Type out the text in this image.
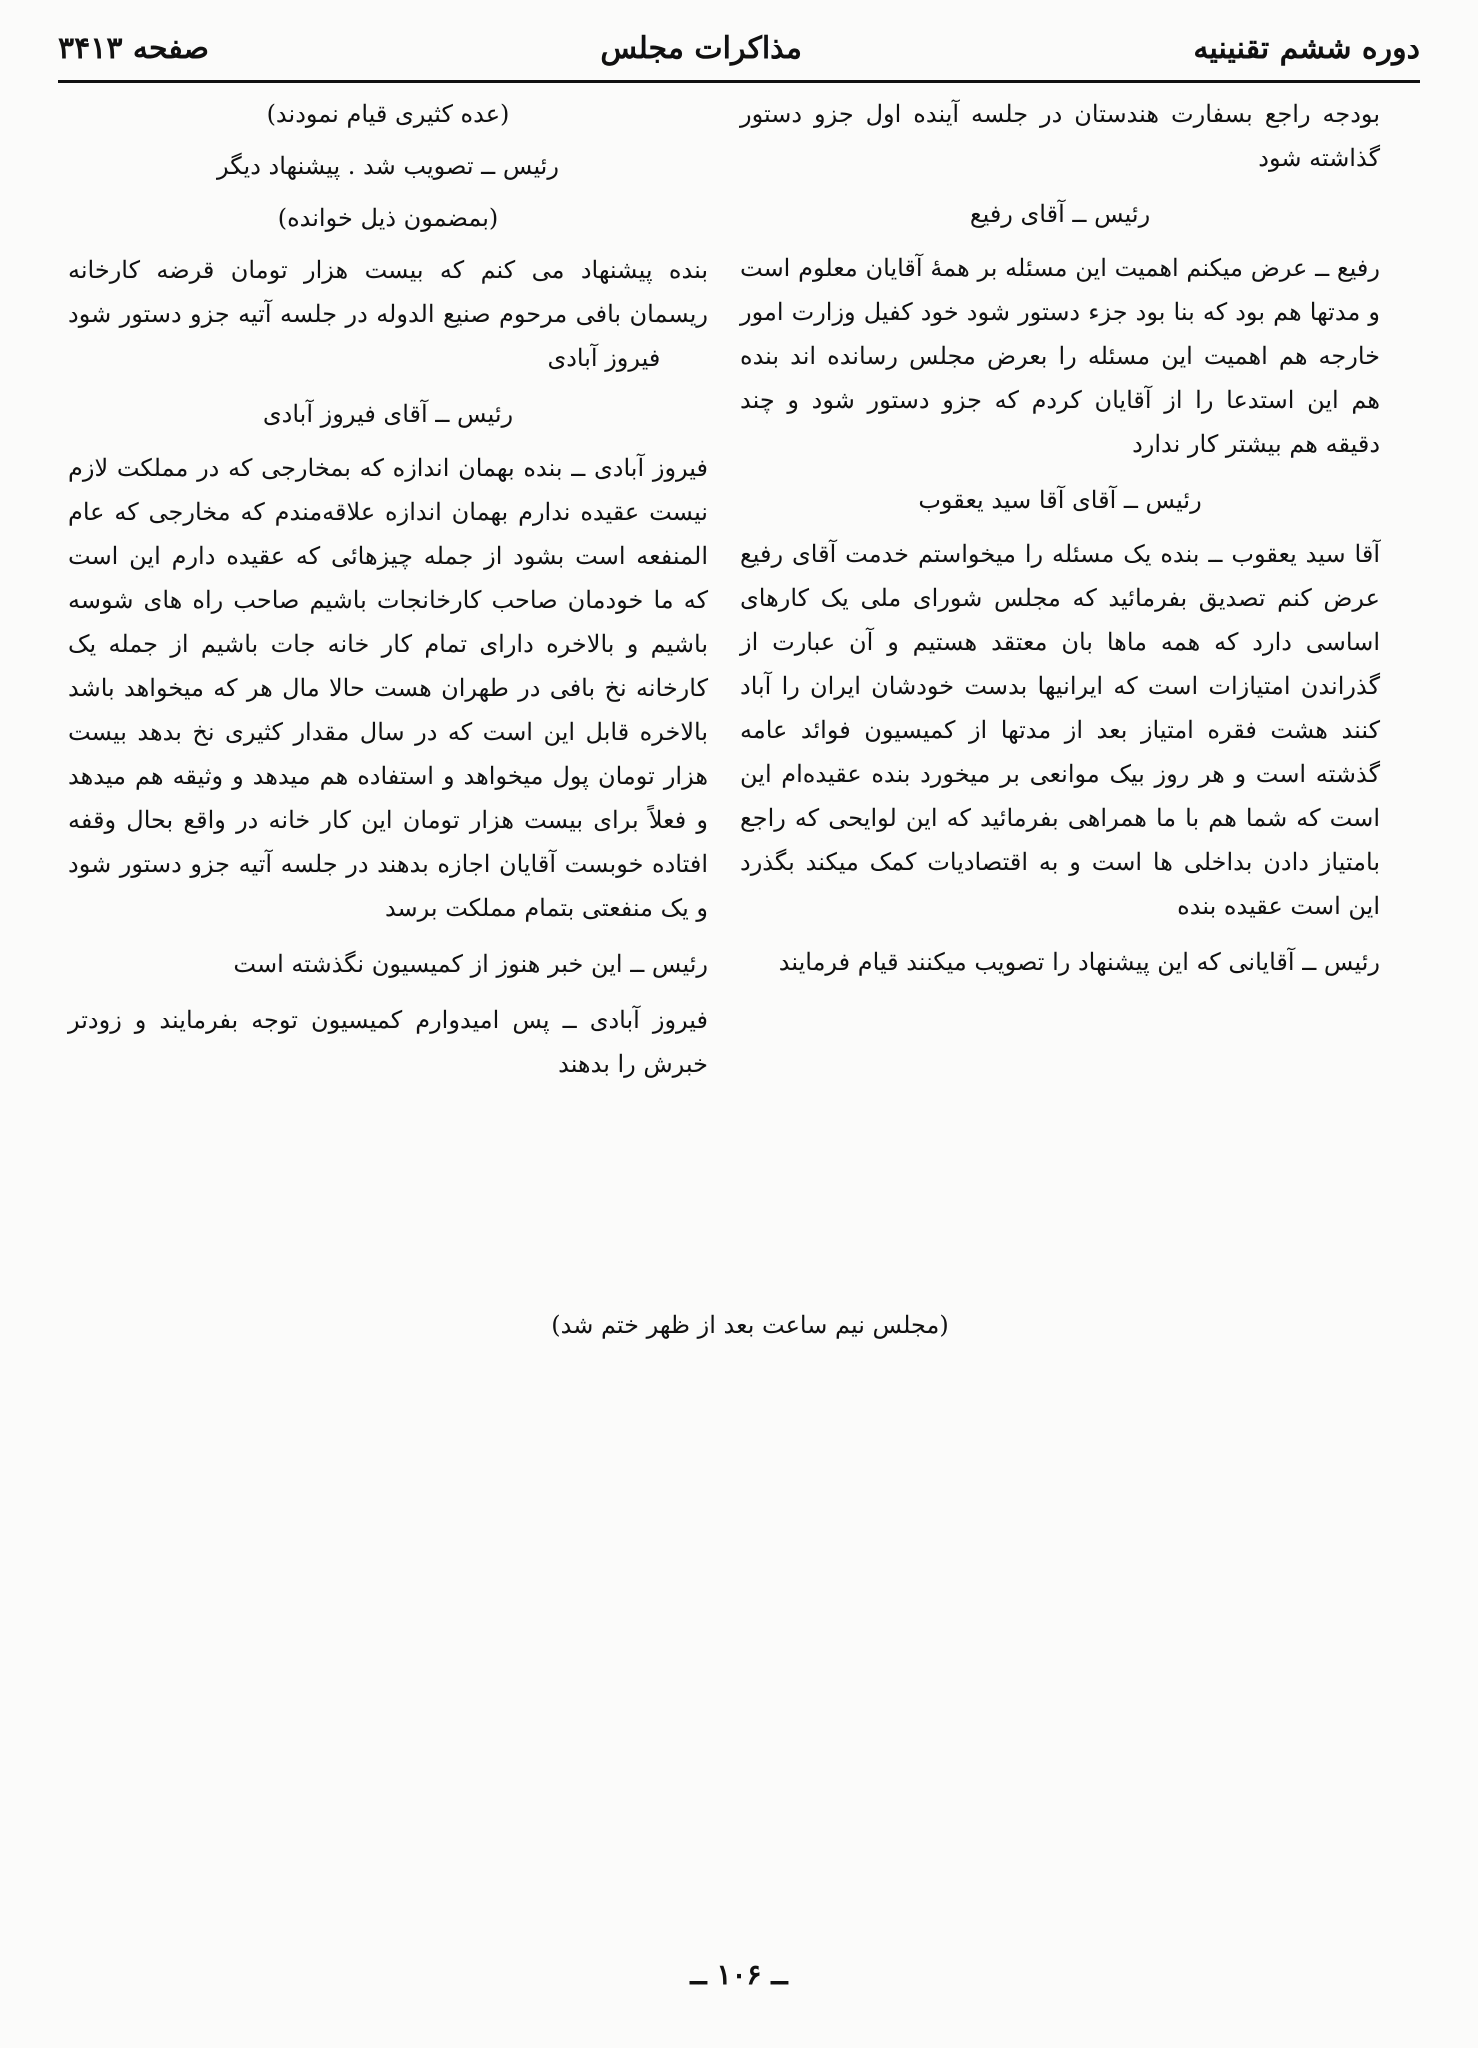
دوره ششم تقنینیه
مذاکرات مجلس
صفحه ۳۴۱۳

بودجه راجع بسفارت هندستان در جلسه آینده اول جزو دستور گذاشته شود

رئیس ــ آقای رفیع

رفیع ــ عرض میکنم اهمیت این مسئله بر همهٔ آقایان معلوم است و مدتها هم بود که بنا بود جزء دستور شود خود کفیل وزارت امور خارجه هم اهمیت این مسئله را بعرض مجلس رسانده اند بنده هم این استدعا را از آقایان کردم که جزو دستور شود و چند دقیقه هم بیشتر کار ندارد

رئیس ــ آقای آقا سید یعقوب

آقا سید یعقوب ــ بنده یک مسئله را میخواستم خدمت آقای رفیع عرض کنم تصدیق بفرمائید که مجلس شورای ملی یک کارهای اساسی دارد که همه ماها بان معتقد هستیم و آن عبارت از گذراندن امتیازات است که ایرانیها بدست خودشان ایران را آباد کنند هشت فقره امتیاز بعد از مدتها از کمیسیون فوائد عامه گذشته است و هر روز بیک موانعی بر میخورد بنده عقیده‌ام این است که شما هم با ما همراهی بفرمائید که این لوایحی که راجع بامتیاز دادن بداخلی ها است و به اقتصادیات کمک میکند بگذرد این است عقیده بنده

رئیس ــ آقایانی که این پیشنهاد را تصویب میکنند قیام فرمایند

(عده کثیری قیام نمودند)

رئیس ــ تصویب شد . پیشنهاد دیگر

(بمضمون ذیل خوانده)

بنده پیشنهاد می کنم که بیست هزار تومان قرضه کارخانه ریسمان بافی مرحوم صنیع الدوله در جلسه آتیه جزو دستور شود  فیروز آبادی

رئیس ــ آقای فیروز آبادی

فیروز آبادی ــ بنده بهمان اندازه که بمخارجی که در مملکت لازم نیست عقیده ندارم بهمان اندازه علاقه‌مندم که مخارجی که عام المنفعه است بشود از جمله چیزهائی که عقیده دارم این است که ما خودمان صاحب کارخانجات باشیم صاحب راه های شوسه باشیم و بالاخره دارای تمام کار خانه جات باشیم از جمله یک کارخانه نخ بافی در طهران هست حالا مال هر که میخواهد باشد بالاخره قابل این است که در سال مقدار کثیری نخ بدهد بیست هزار تومان پول میخواهد و استفاده هم میدهد و وثیقه هم میدهد و فعلاً برای بیست هزار تومان این کار خانه در واقع بحال وقفه افتاده خوبست آقایان اجازه بدهند در جلسه آتیه جزو دستور شود و یک منفعتی بتمام مملکت برسد

رئیس ــ این خبر هنوز از کمیسیون نگذشته است

فیروز آبادی ــ پس امیدوارم کمیسیون توجه بفرمایند و زودتر خبرش را بدهند

(مجلس نیم ساعت بعد از ظهر ختم شد)
ــ ۱۰۶ ــ
